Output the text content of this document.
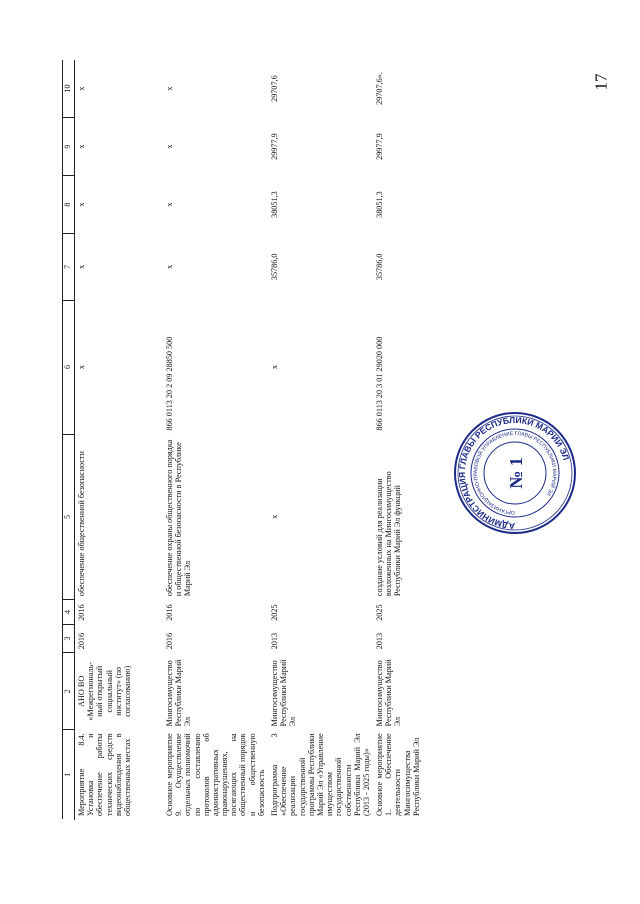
17
1	2	3	4	5	6	7	8	9	10
Мероприятие 8.4. Установка и обеспечение работы технических средств видеонаблюдения в общественных местах	АНО ВО «Межрегиональ-ный открытый социальный институт» (по согласованию)	2016	2016	обеспечение общественной безопасности	x	x	x	x	x
Основное мероприятие 9. Осуществление отдельных полномочий по составлению протоколов об административных правонарушениях, посягающих на общественный порядок и общественную безопасность	Мингосимущество Республики Марий Эл	2016	2016	обеспечение охраны общественного порядка и общественной безопасности в Республике Марий Эл	866 0113 20 2 09 28850 500	x	x	x	x
Подпрограмма 3 «Обеспечение реализации государственной программы Республики Марий Эл «Управление имуществом государственной собственности Республики Марий Эл (2013 - 2025 годы)»	Мингосимущество Республики Марий Эл	2013	2025	x	x	35786,0	38051,3	29977,9	29707,6
Основное мероприятие 1. Обеспечение деятельности Мингосимущества Республики Марий Эл	Мингосимущество Республики Марий Эл	2013	2025	создание условий для реализации возложенных на Мингосимущество Республики Марий Эл функций	866 0113 20 3 01 29020 000	35786,0	38051,3	29977,9	29707,6».
АДМИНИСТРАЦИЯ ГЛАВЫ РЕСПУБЛИКИ МАРИЙ ЭЛ
ОРГАНИЗАЦИОННО-ПРАВОВОЙ УПРАВЛЕНИЕ ГЛАВЫ РЕСПУБЛИКИ МАРИЙ ЭЛ
№ 1
